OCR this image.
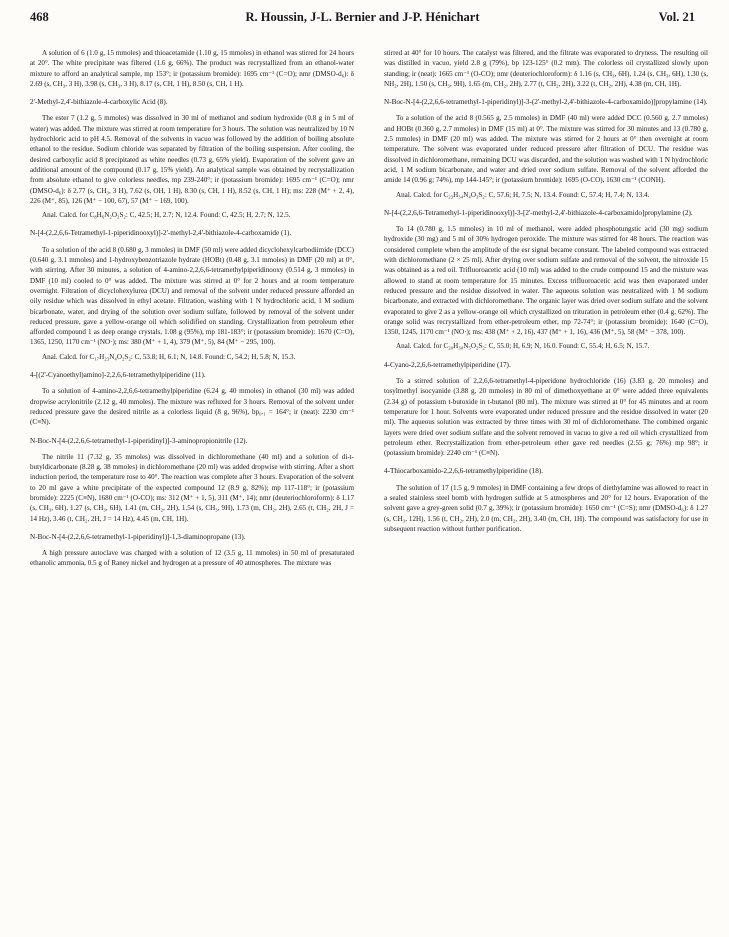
468	R. Houssin, J-L. Bernier and J-P. Hénichart	Vol. 21

A solution of 6 (1.0 g, 15 mmoles) and thioacetamide (1.10 g, 15 mmoles) in ethanol was stirred for 24 hours at 20°. The white precipitate was filtered (1.6 g, 66%). The product was recrystallized from an ethanol-water mixture to afford an analytical sample, mp 153°; ir (potassium bromide): 1695 cm⁻¹ (C=O); nmr (DMSO-d₆): δ 2.69 (s, CH₃, 3 H), 3.98 (s, CH₃, 3 H), 8.17 (s, CH, 1 H), 8.50 (s, CH, 1 H).

2'-Methyl-2,4'-bithiazole-4-carboxylic Acid (8).

The ester 7 (1.2 g, 5 mmoles) was dissolved in 30 ml of methanol and sodium hydroxide (0.8 g in 5 ml of water) was added. The mixture was stirred at room temperature for 3 hours. The solution was neutralized by 10 N hydrochloric acid to pH 4.5. Removal of the solvents in vacuo was followed by the addition of boiling absolute ethanol to the residue. Sodium chloride was separated by filtration of the boiling suspension. After cooling, the desired carboxylic acid 8 precipitated as white needles (0.73 g, 65% yield). Evaporation of the solvent gave an additional amount of the compound (0.17 g, 15% yield). An analytical sample was obtained by recrystallization from absolute ethanol to give colorless needles, mp 239-240°; ir (potassium bromide): 1695 cm⁻¹ (C=O); nmr (DMSO-d₆): δ 2.77 (s, CH₃, 3 H), 7.62 (s, OH, 1 H), 8.30 (s, CH, 1 H), 8.52 (s, CH, 1 H); ms: 228 (M⁺ + 2, 4), 226 (M⁺, 85), 126 (M⁺ − 100, 67), 57 (M⁺ − 169, 100).

Anal. Calcd. for C₈H₆N₂O₂S₂: C, 42.5; H, 2.7; N, 12.4. Found: C, 42.5; H, 2.7; N, 12.5.

N-[4-(2,2,6,6-Tetramethyl-1-piperidinooxyl)]-2'-methyl-2,4'-bithiazole-4-carboxamide (1).

To a solution of the acid 8 (0.680 g, 3 mmoles) in DMF (50 ml) were added dicyclohexylcarbodiimide (DCC) (0.640 g, 3.1 mmoles) and 1-hydroxybenzotriazole hydrate (HOBt) (0.48 g, 3.1 mmoles) in DMF (20 ml) at 0°, with stirring. After 30 minutes, a solution of 4-amino-2,2,6,6-tetramethylpiperidinooxy (0.514 g, 3 mmoles) in DMF (10 ml) cooled to 0° was added. The mixture was stirred at 0° for 2 hours and at room temperature overnight. Filtration of dicyclohexylurea (DCU) and removal of the solvent under reduced pressure afforded an oily residue which was dissolved in ethyl acetate. Filtration, washing with 1 N hydrochloric acid, 1 M sodium bicarbonate, water, and drying of the solution over sodium sulfate, followed by removal of the solvent under reduced pressure, gave a yellow-orange oil which solidified on standing. Crystallization from petroleum ether afforded compound 1 as deep orange crystals, 1.08 g (95%), mp 181-183°; ir (potassium bromide): 1670 (C=O), 1365, 1250, 1170 cm⁻¹ (NO·); ms: 380 (M⁺ + 1, 4), 379 (M⁺, 5), 84 (M⁺ − 295, 100).

Anal. Calcd. for C₁₇H₂₃N₄O₂S₂: C, 53.8; H, 6.1; N, 14.8. Found: C, 54.2; H, 5.8; N, 15.3.

4-[(2'-Cyanoethyl)amino]-2,2,6,6-tetramethylpiperidine (11).

To a solution of 4-amino-2,2,6,6-tetramethylpiperidine (6.24 g, 40 mmoles) in ethanol (30 ml) was added dropwise acrylonitrile (2.12 g, 40 mmoles). The mixture was refluxed for 3 hours. Removal of the solvent under reduced pressure gave the desired nitrile as a colorless liquid (8 g, 96%), bp₀.₁ = 164°; ir (neat): 2230 cm⁻¹ (C≡N).

N-Boc-N-[4-(2,2,6,6-tetramethyl-1-piperidinyl)]-3-aminopropionitrile (12).

The nitrile 11 (7.32 g, 35 mmoles) was dissolved in dichloromethane (40 ml) and a solution of di-t-butyldicarbonate (8.28 g, 38 mmoles) in dichloromethane (20 ml) was added dropwise with stirring. After a short induction period, the temperature rose to 40°. The reaction was complete after 3 hours. Evaporation of the solvent to 20 ml gave a white precipitate of the expected compound 12 (8.9 g, 82%); mp 117-118°; ir (potassium bromide): 2225 (C≡N), 1680 cm⁻¹ (O-CO); ms: 312 (M⁺ + 1, 5), 311 (M⁺, 14); nmr (deuteriochloroform): δ 1.17 (s, CH₃, 6H), 1.27 (s, CH₃, 6H), 1.41 (m, CH₂, 2H), 1.54 (s, CH₃, 9H), 1.73 (m, CH₂, 2H), 2.65 (t, CH₂, 2H, J = 14 Hz), 3.46 (t, CH₂, 2H, J = 14 Hz), 4.45 (m, CH, 1H).

N-Boc-N-[4-(2,2,6,6-tetramethyl-1-piperidinyl)]-1,3-diaminopropane (13).

A high pressure autoclave was charged with a solution of 12 (3.5 g, 11 mmoles) in 50 ml of presaturated ethanolic ammonia, 0.5 g of Raney nickel and hydrogen at a pressure of 40 atmospheres. The mixture was

stirred at 40° for 10 hours. The catalyst was filtered, and the filtrate was evaporated to dryness. The resulting oil was distilled in vacuo, yield 2.8 g (79%), bp 123-125° (0.2 mm). The colorless oil crystallized slowly upon standing; ir (neat): 1665 cm⁻¹ (O-CO); nmr (deuteriochloroform): δ 1.16 (s, CH₃, 6H), 1.24 (s, CH₃, 6H), 1.30 (s, NH₂, 2H), 1.50 (s, CH₃, 9H), 1.65 (m, CH₂, 2H), 2.77 (t, CH₂, 2H), 3.22 (t, CH₂, 2H), 4.38 (m, CH, 1H).

N-Boc-N-[4-(2,2,6,6-tetramethyl-1-piperidinyl)]-3-(2'-methyl-2,4'-bithiazole-4-carboxamido)]propylamine (14).

To a solution of the acid 8 (0.565 g, 2.5 mmoles) in DMF (40 ml) were added DCC (0.560 g, 2.7 mmoles) and HOBt (0.360 g, 2.7 mmoles) in DMF (15 ml) at 0°. The mixture was stirred for 30 minutes and 13 (0.780 g, 2.5 mmoles) in DMF (20 ml) was added. The mixture was stirred for 2 hours at 0° then overnight at room temperature. The solvent was evaporated under reduced pressure after filtration of DCU. The residue was dissolved in dichloromethane, remaining DCU was discarded, and the solution was washed with 1 N hydrochloric acid, 1 M sodium bicarbonate, and water and dried over sodium sulfate. Removal of the solvent afforded the amide 14 (0.96 g; 74%), mp 144-145°; ir (potassium bromide): 1695 (O-CO), 1630 cm⁻¹ (CONH).

Anal. Calcd. for C₂₃H₃₄N₄O₃S₂: C, 57.6; H, 7.5; N, 13.4. Found: C, 57.4; H, 7.4; N, 13.4.

N-[4-(2,2,6,6-Tetramethyl-1-piperidinooxyl)]-3-[2'-methyl-2,4'-bithiazole-4-carboxamido]propylamine (2).

To 14 (0.780 g, 1.5 mmoles) in 10 ml of methanol, were added phosphotungstic acid (30 mg) sodium hydroxide (30 mg) and 5 ml of 30% hydrogen peroxide. The mixture was stirred for 48 hours. The reaction was considered complete when the amplitude of the esr signal became constant. The labeled compound was extracted with dichloromethane (2 × 25 ml). After drying over sodium sulfate and removal of the solvent, the nitroxide 15 was obtained as a red oil. Trifluoroacetic acid (10 ml) was added to the crude compound 15 and the mixture was allowed to stand at room temperature for 15 minutes. Excess trifluoroacetic acid was then evaporated under reduced pressure and the residue dissolved in water. The aqueous solution was neutralized with 1 M sodium bicarbonate, and extracted with dichloromethane. The organic layer was dried over sodium sulfate and the solvent evaporated to give 2 as a yellow-orange oil which crystallized on trituration in petroleum ether (0.4 g, 62%). The orange solid was recrystallized from ether-petroleum ether, mp 72-74°; ir (potassium bromide): 1640 (C=O), 1350, 1245, 1170 cm⁻¹ (NO·); ms: 438 (M⁺ + 2, 16), 437 (M⁺ + 1, 16), 436 (M⁺, 5), 58 (M⁺ − 378, 100).

Anal. Calcd. for C₂₀H₃₀N₅O₂S₂: C, 55.0; H, 6.9; N, 16.0. Found: C, 55.4; H, 6.5; N, 15.7.

4-Cyano-2,2,6,6-tetramethylpiperidine (17).

To a stirred solution of 2,2,6,6-tetramethyl-4-piperidone hydrochloride (16) (3.83 g, 20 mmoles) and tosylmethyl isocyanide (3.88 g, 20 mmoles) in 80 ml of dimethoxyethane at 0° were added three equivalents (2.34 g) of potassium t-butoxide in t-butanol (80 ml). The mixture was stirred at 0° for 45 minutes and at room temperature for 1 hour. Solvents were evaporated under reduced pressure and the residue dissolved in water (20 ml). The aqueous solution was extracted by three times with 30 ml of dichloromethane. The combined organic layers were dried over sodium sulfate and the solvent removed in vacuo to give a red oil which crystallized from petroleum ether. Recrystallization from ether-petroleum ether gave red needles (2.55 g; 76%) mp 98°; ir (potassium bromide): 2240 cm⁻¹ (C≡N).

4-Thiocarboxamido-2,2,6,6-tetramethylpiperidine (18).

The solution of 17 (1.5 g, 9 mmoles) in DMF containing a few drops of diethylamine was allowed to react in a sealed stainless steel bomb with hydrogen sulfide at 5 atmospheres and 20° for 12 hours. Evaporation of the solvent gave a grey-green solid (0.7 g, 39%); ir (potassium bromide): 1650 cm⁻¹ (C=S); nmr (DMSO-d₆): δ 1.27 (s, CH₃, 12H), 1.56 (t, CH₂, 2H), 2.0 (m, CH₂, 2H), 3.40 (m, CH, 1H). The compound was satisfactory for use in subsequent reaction without further purification.
